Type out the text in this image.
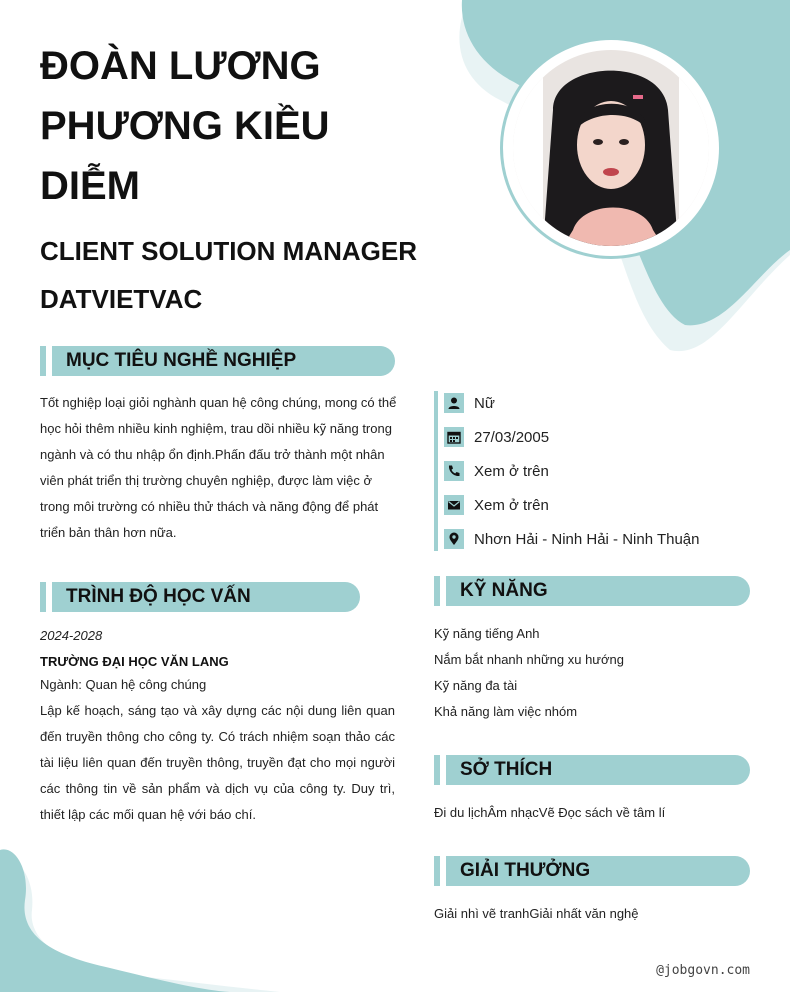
ĐOÀN LƯƠNG
PHƯƠNG KIỀU
DIỄM
CLIENT SOLUTION MANAGER
DATVIETVAC
MỤC TIÊU NGHỀ NGHIỆP
Tốt nghiệp loại giỏi nghành quan hệ công chúng, mong có thể
học hỏi thêm nhiều kinh nghiệm, trau dồi nhiều kỹ năng trong
ngành và có thu nhập ổn định.Phấn đấu trở thành một nhân
viên phát triển thị trường chuyên nghiệp, được làm việc ở
trong môi trường có nhiều thử thách và năng động để phát
triển bản thân hơn nữa.
TRÌNH ĐỘ HỌC VẤN
2024-2028
TRƯỜNG ĐẠI HỌC VĂN LANG
Ngành: Quan hệ công chúng
Lập kế hoạch, sáng tạo và xây dựng các nội dung liên quan đến truyền thông cho công ty. Có trách nhiệm soạn thảo các tài liệu liên quan đến truyền thông, truyền đạt cho mọi người các thông tin về sản phẩm và dịch vụ của công ty. Duy trì, thiết lập các mối quan hệ với báo chí.
Nữ
27/03/2005
Xem ở trên
Xem ở trên
Nhơn Hải - Ninh Hải - Ninh Thuận
KỸ NĂNG
Kỹ năng tiếng Anh
Nắm bắt nhanh những xu hướng
Kỹ năng đa tài
Khả năng làm việc nhóm
SỞ THÍCH
Đi du lịchÂm nhạcVẽ Đọc sách về tâm lí
GIẢI THƯỞNG
Giải nhì vẽ tranhGiải nhất văn nghệ
@jobgovn.com
